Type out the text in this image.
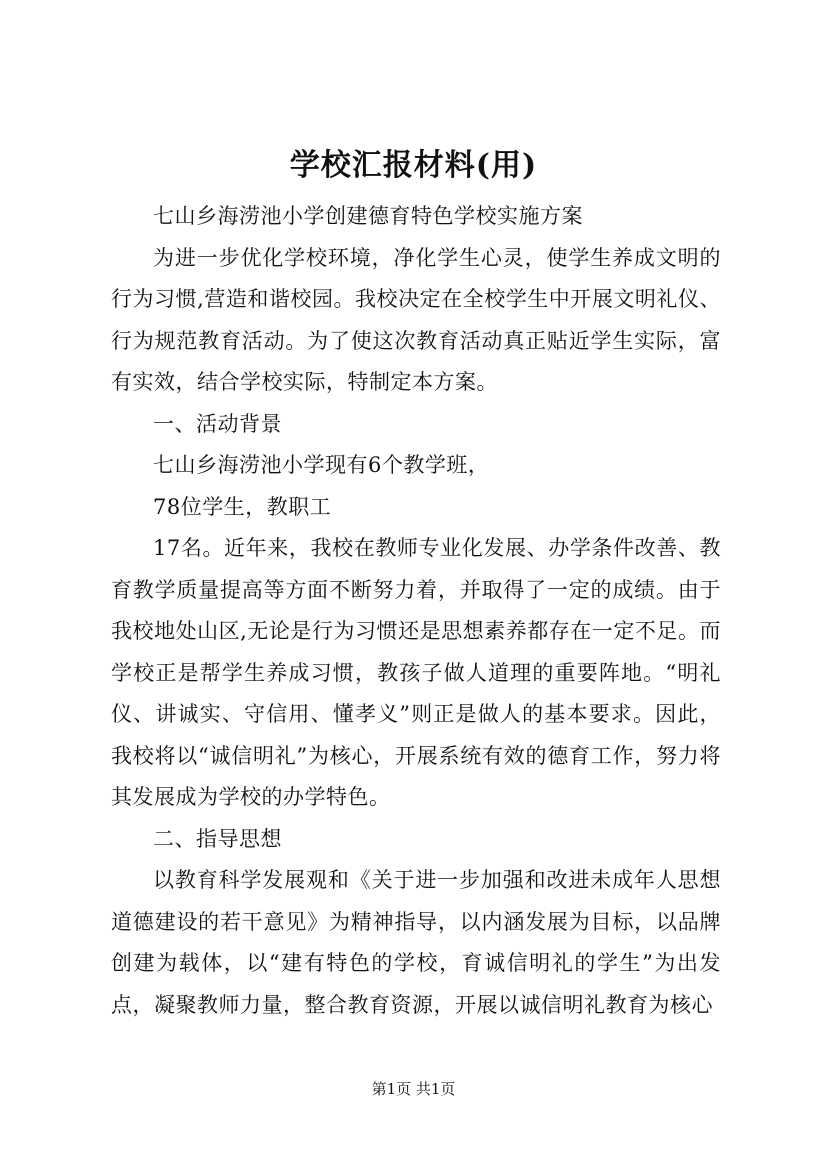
学校汇报材料(用)

七山乡海涝池小学创建德育特色学校实施方案

为进一步优化学校环境，净化学生心灵，使学生养成文明的行为习惯,营造和谐校园。我校决定在全校学生中开展文明礼仪、行为规范教育活动。为了使这次教育活动真正贴近学生实际，富有实效，结合学校实际，特制定本方案。

一、活动背景

七山乡海涝池小学现有6个教学班，

78位学生，教职工

17名。近年来，我校在教师专业化发展、办学条件改善、教育教学质量提高等方面不断努力着，并取得了一定的成绩。由于我校地处山区,无论是行为习惯还是思想素养都存在一定不足。而学校正是帮学生养成习惯，教孩子做人道理的重要阵地。“明礼仪、讲诚实、守信用、懂孝义”则正是做人的基本要求。因此，我校将以“诚信明礼”为核心，开展系统有效的德育工作，努力将其发展成为学校的办学特色。

二、指导思想

以教育科学发展观和《关于进一步加强和改进未成年人思想道德建设的若干意见》为精神指导，以内涵发展为目标，以品牌创建为载体，以“建有特色的学校，育诚信明礼的学生”为出发点，凝聚教师力量，整合教育资源，开展以诚信明礼教育为核心

第1页 共1页
